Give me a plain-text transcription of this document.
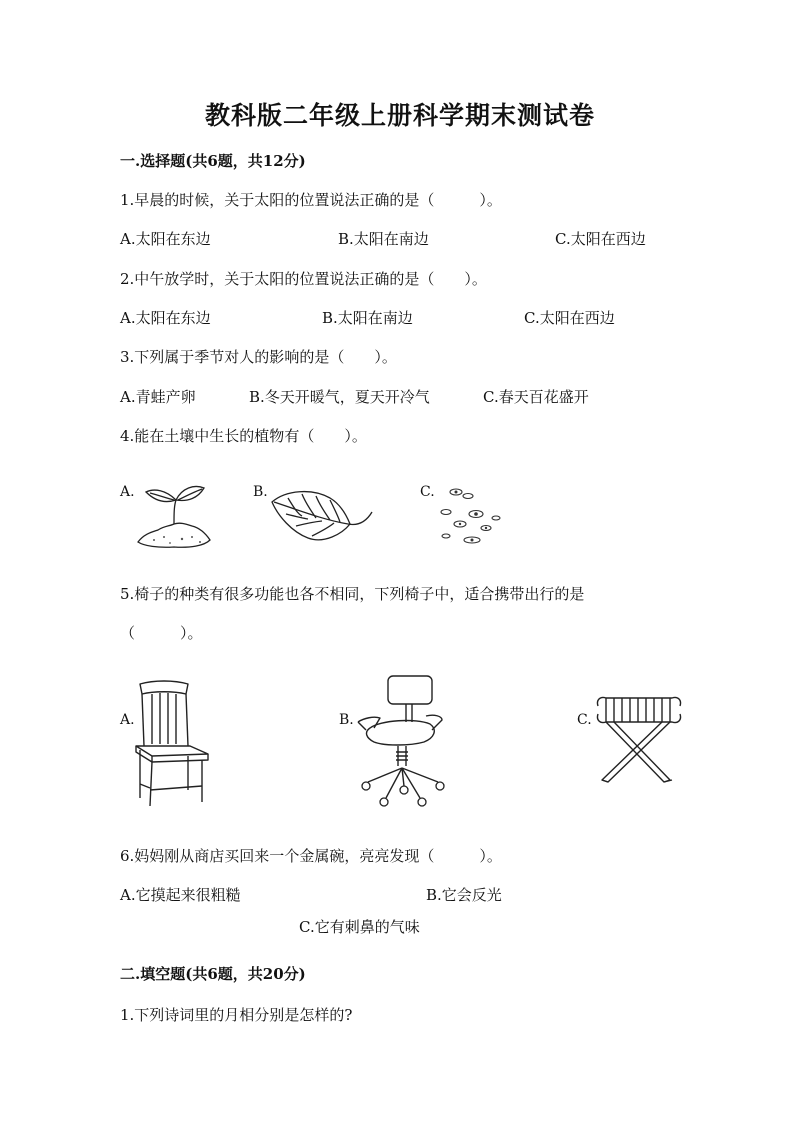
教科版二年级上册科学期末测试卷
一.选择题(共6题，共12分)
1.早晨的时候，关于太阳的位置说法正确的是（　　　）。
A.太阳在东边	B.太阳在南边	C.太阳在西边
2.中午放学时，关于太阳的位置说法正确的是（　　）。
A.太阳在东边	B.太阳在南边	C.太阳在西边
3.下列属于季节对人的影响的是（　　）。
A.青蛙产卵	B.冬天开暖气，夏天开冷气	C.春天百花盛开
4.能在土壤中生长的植物有（　　）。
A.	B.	C.
5.椅子的种类有很多功能也各不相同，下列椅子中，适合携带出行的是
（　　　）。
A.	B.	C.
6.妈妈刚从商店买回来一个金属碗，亮亮发现（　　　）。
A.它摸起来很粗糙	B.它会反光
C.它有刺鼻的气味
二.填空题(共6题，共20分)
1.下列诗词里的月相分别是怎样的?
